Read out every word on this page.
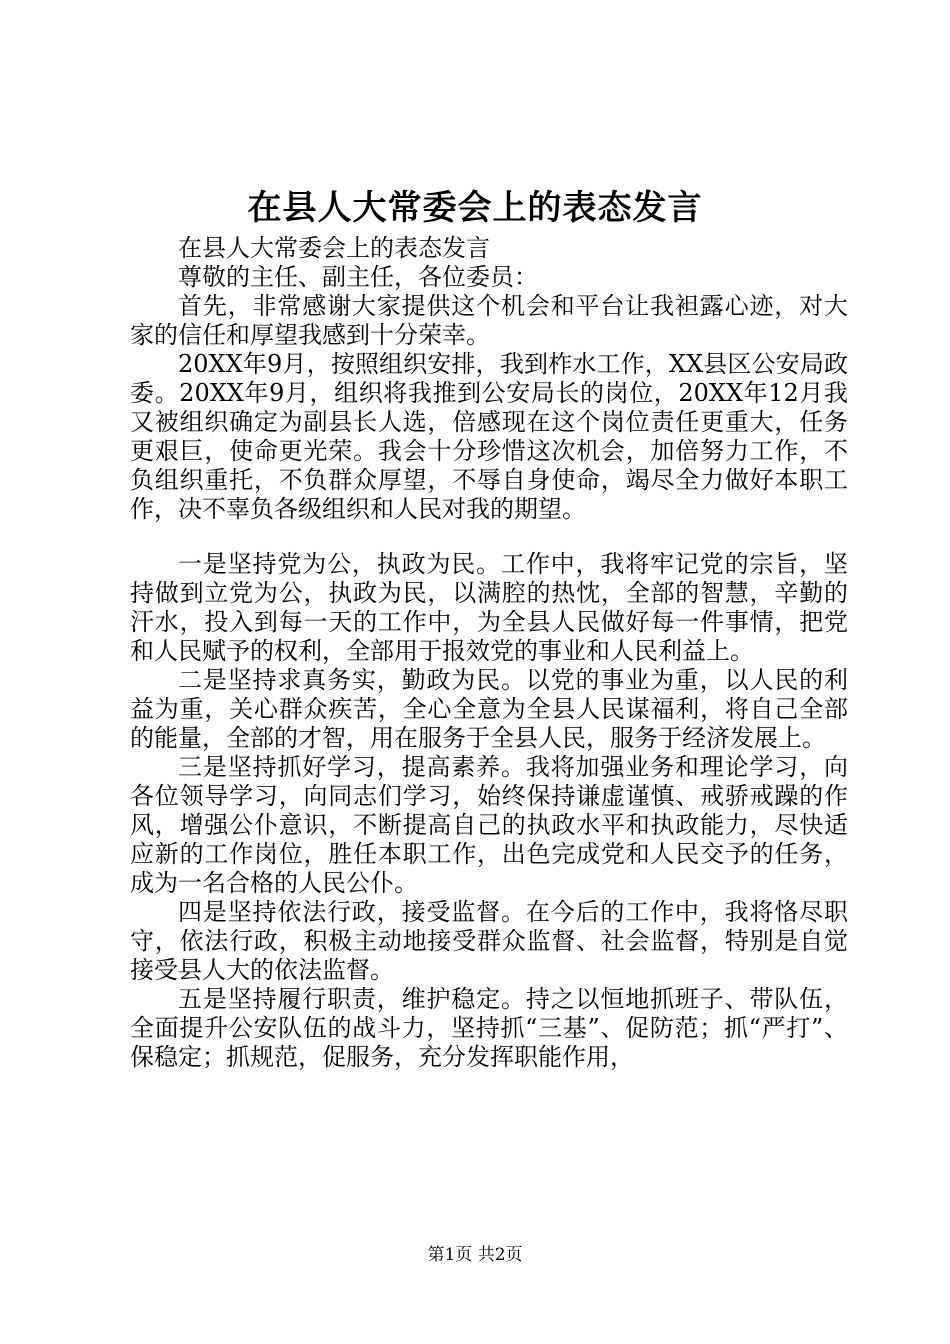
在县人大常委会上的表态发言

在县人大常委会上的表态发言

尊敬的主任、副主任，各位委员：

首先，非常感谢大家提供这个机会和平台让我袒露心迹，对大家的信任和厚望我感到十分荣幸。

20XX年9月，按照组织安排，我到柞水工作，XX县区公安局政委。20XX年9月，组织将我推到公安局长的岗位，20XX年12月我又被组织确定为副县长人选，倍感现在这个岗位责任更重大，任务更艰巨，使命更光荣。我会十分珍惜这次机会，加倍努力工作，不负组织重托，不负群众厚望，不辱自身使命，竭尽全力做好本职工作，决不辜负各级组织和人民对我的期望。

一是坚持党为公，执政为民。工作中，我将牢记党的宗旨，坚持做到立党为公，执政为民，以满腔的热忱，全部的智慧，辛勤的汗水，投入到每一天的工作中，为全县人民做好每一件事情，把党和人民赋予的权利，全部用于报效党的事业和人民利益上。

二是坚持求真务实，勤政为民。以党的事业为重，以人民的利益为重，关心群众疾苦，全心全意为全县人民谋福利，将自己全部的能量，全部的才智，用在服务于全县人民，服务于经济发展上。

三是坚持抓好学习，提高素养。我将加强业务和理论学习，向各位领导学习，向同志们学习，始终保持谦虚谨慎、戒骄戒躁的作风，增强公仆意识，不断提高自己的执政水平和执政能力，尽快适应新的工作岗位，胜任本职工作，出色完成党和人民交予的任务，成为一名合格的人民公仆。

四是坚持依法行政，接受监督。在今后的工作中，我将恪尽职守，依法行政，积极主动地接受群众监督、社会监督，特别是自觉接受县人大的依法监督。

五是坚持履行职责，维护稳定。持之以恒地抓班子、带队伍，全面提升公安队伍的战斗力，坚持抓“三基”、促防范；抓“严打”、保稳定；抓规范，促服务，充分发挥职能作用，

第1页 共2页
